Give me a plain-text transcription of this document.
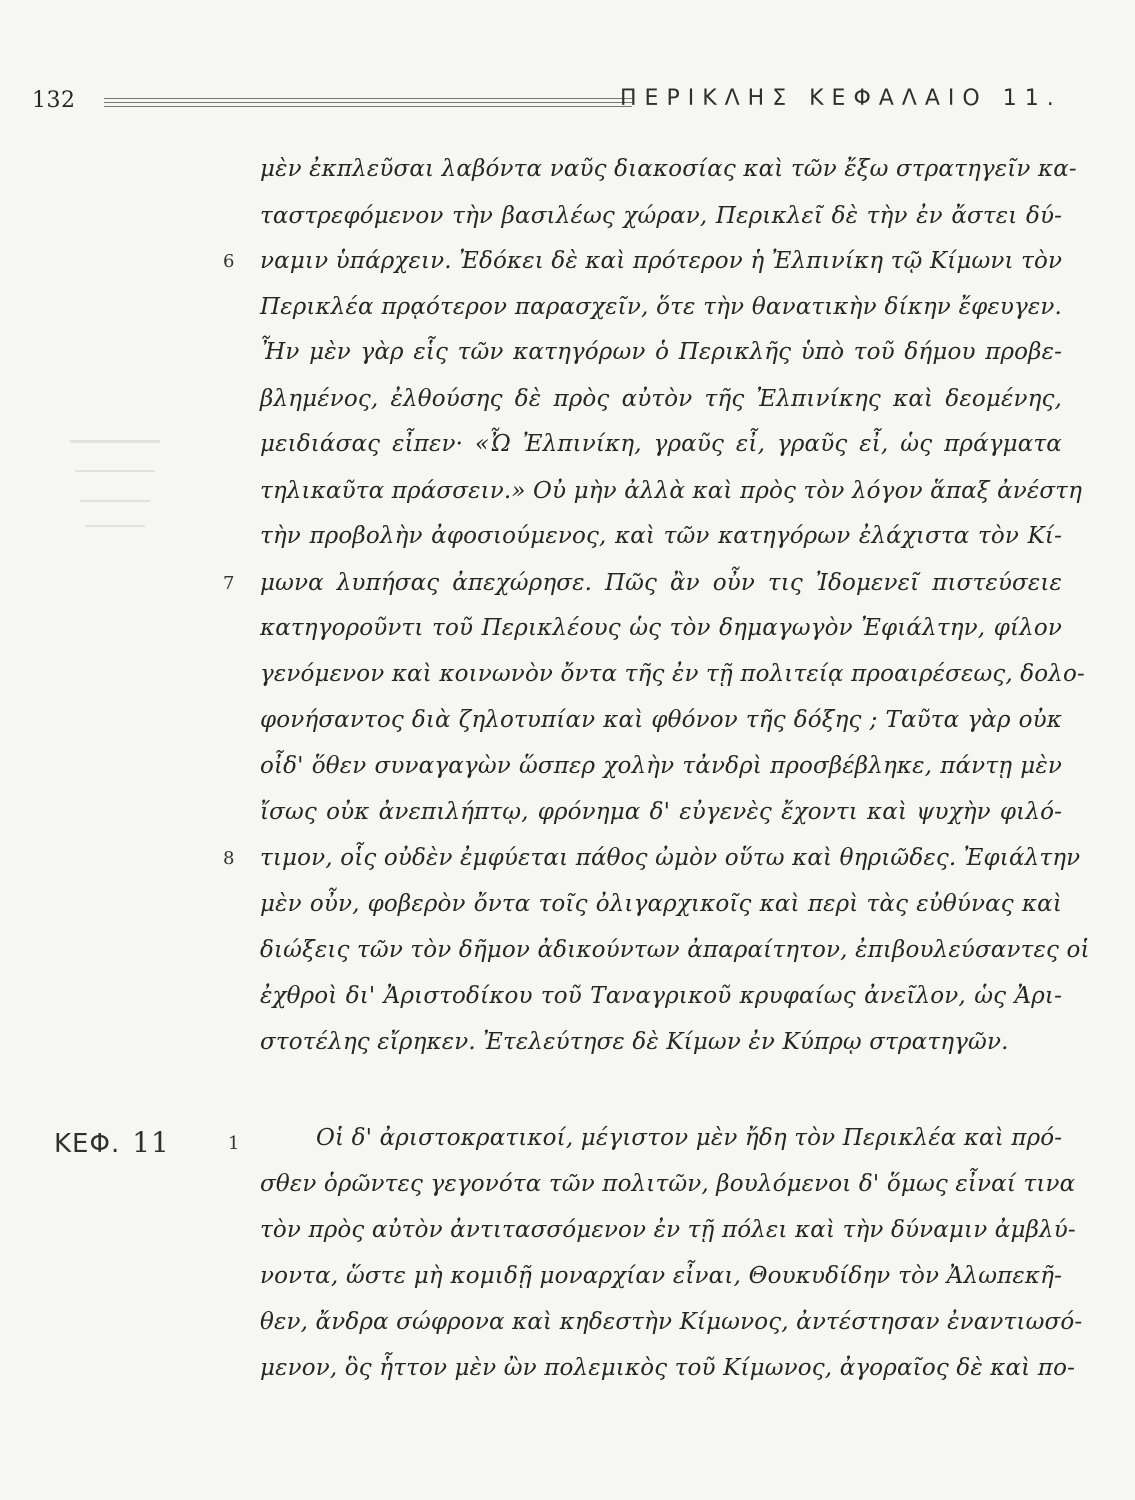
132	ΠΕΡΙΚΛΗΣ ΚΕΦΑΛΑΙΟ 11.
μὲν ἐκπλεῦσαι λαβόντα ναῦς διακοσίας καὶ τῶν ἔξω στρατηγεῖν κα-
ταστρεφόμενον τὴν βασιλέως χώραν, Περικλεῖ δὲ τὴν ἐν ἄστει δύ-
ναμιν ὑπάρχειν. Ἐδόκει δὲ καὶ πρότερον ἡ Ἐλπινίκη τῷ Κίμωνι τὸν
Περικλέα πρᾳότερον παρασχεῖν, ὅτε τὴν θανατικὴν δίκην ἔφευγεν.
Ἦν μὲν γὰρ εἷς τῶν κατηγόρων ὁ Περικλῆς ὑπὸ τοῦ δήμου προβε-
βλημένος, ἐλθούσης δὲ πρὸς αὐτὸν τῆς Ἐλπινίκης καὶ δεομένης,
μειδιάσας εἶπεν· «Ὦ Ἐλπινίκη, γραῦς εἶ, γραῦς εἶ, ὡς πράγματα
τηλικαῦτα πράσσειν.» Οὐ μὴν ἀλλὰ καὶ πρὸς τὸν λόγον ἅπαξ ἀνέστη
τὴν προβολὴν ἀφοσιούμενος, καὶ τῶν κατηγόρων ἐλάχιστα τὸν Κί-
μωνα λυπήσας ἀπεχώρησε. Πῶς ἂν οὖν τις Ἰδομενεῖ πιστεύσειε
κατηγοροῦντι τοῦ Περικλέους ὡς τὸν δημαγωγὸν Ἐφιάλτην, φίλον
γενόμενον καὶ κοινωνὸν ὄντα τῆς ἐν τῇ πολιτείᾳ προαιρέσεως, δολο-
φονήσαντος διὰ ζηλοτυπίαν καὶ φθόνον τῆς δόξης ; Ταῦτα γὰρ οὐκ
οἶδ' ὅθεν συναγαγὼν ὥσπερ χολὴν τἀνδρὶ προσβέβληκε, πάντῃ μὲν
ἴσως οὐκ ἀνεπιλήπτῳ, φρόνημα δ' εὐγενὲς ἔχοντι καὶ ψυχὴν φιλό-
τιμον, οἷς οὐδὲν ἐμφύεται πάθος ὠμὸν οὕτω καὶ θηριῶδες. Ἐφιάλτην
μὲν οὖν, φοβερὸν ὄντα τοῖς ὀλιγαρχικοῖς καὶ περὶ τὰς εὐθύνας καὶ
διώξεις τῶν τὸν δῆμον ἀδικούντων ἀπαραίτητον, ἐπιβουλεύσαντες οἱ
ἐχθροὶ δι' Ἀριστοδίκου τοῦ Ταναγρικοῦ κρυφαίως ἀνεῖλον, ὡς Ἀρι-
στοτέλης εἴρηκεν. Ἐτελεύτησε δὲ Κίμων ἐν Κύπρῳ στρατηγῶν.
Οἱ δ' ἀριστοκρατικοί, μέγιστον μὲν ἤδη τὸν Περικλέα καὶ πρό-
σθεν ὁρῶντες γεγονότα τῶν πολιτῶν, βουλόμενοι δ' ὅμως εἶναί τινα
τὸν πρὸς αὐτὸν ἀντιτασσόμενον ἐν τῇ πόλει καὶ τὴν δύναμιν ἀμβλύ-
νοντα, ὥστε μὴ κομιδῇ μοναρχίαν εἶναι, Θουκυδίδην τὸν Ἀλωπεκῆ-
θεν, ἄνδρα σώφρονα καὶ κηδεστὴν Κίμωνος, ἀντέστησαν ἐναντιωσό-
μενον, ὃς ἧττον μὲν ὢν πολεμικὸς τοῦ Κίμωνος, ἀγοραῖος δὲ καὶ πο-
6
7
8
1
ΚΕΦ. 11
